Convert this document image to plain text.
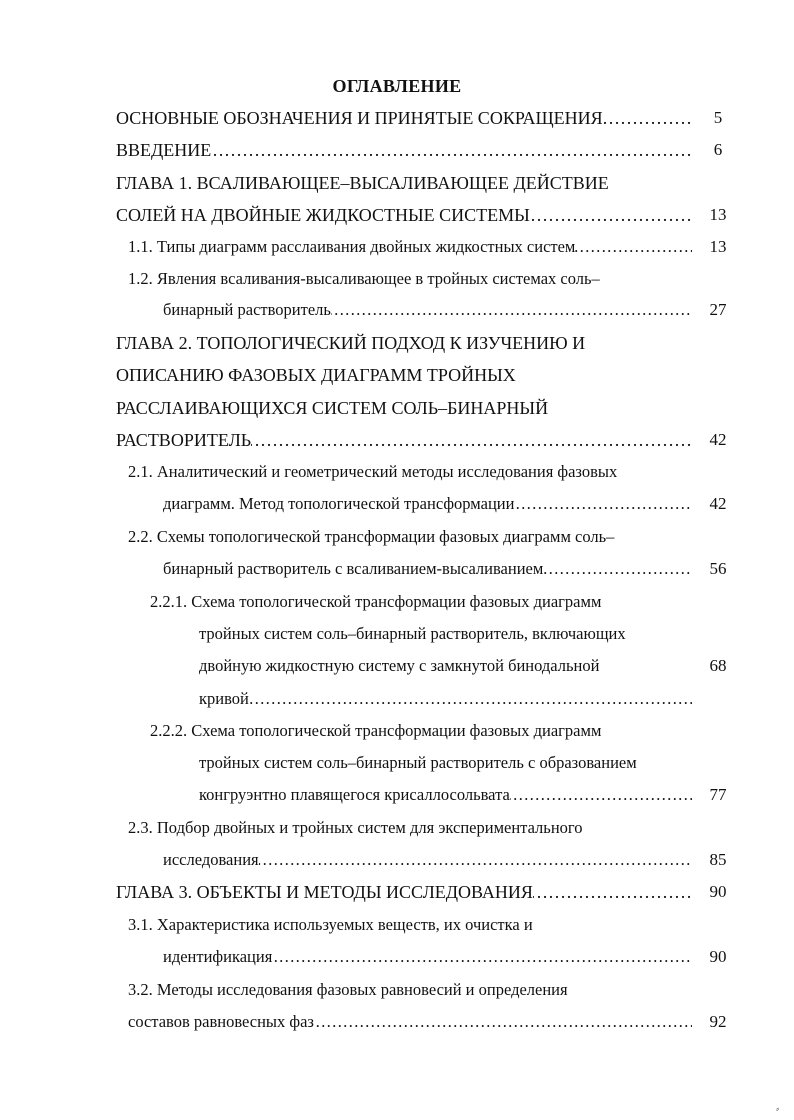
ОГЛАВЛЕНИЕ
ОСНОВНЫЕ ОБОЗНАЧЕНИЯ И ПРИНЯТЫЕ СОКРАЩЕНИЯ ………………………………………………………………………………………………………………………………………………………………	5
ВВЕДЕНИЕ ………………………………………………………………………………………………………………………………………………………………	6
ГЛАВА 1. ВСАЛИВАЮЩЕЕ–ВЫСАЛИВАЮЩЕЕ ДЕЙСТВИЕ
СОЛЕЙ НА ДВОЙНЫЕ ЖИДКОСТНЫЕ СИСТЕМЫ ………………………………………………………………………………………………………………………………………………………………	13
1.1. Типы диаграмм расслаивания двойных жидкостных систем ………………………………………………………………………………………………………………………………………………………………	13
1.2. Явления всаливания-высаливающее в тройных системах соль–
бинарный растворитель ………………………………………………………………………………………………………………………………………………………………	27
ГЛАВА 2. ТОПОЛОГИЧЕСКИЙ ПОДХОД К ИЗУЧЕНИЮ И
ОПИСАНИЮ ФАЗОВЫХ ДИАГРАММ ТРОЙНЫХ
РАССЛАИВАЮЩИХСЯ СИСТЕМ СОЛЬ–БИНАРНЫЙ
РАСТВОРИТЕЛЬ ………………………………………………………………………………………………………………………………………………………………	42
2.1. Аналитический и геометрический методы исследования фазовых
диаграмм. Метод топологической трансформации ………………………………………………………………………………………………………………………………………………………………	42
2.2. Схемы топологической трансформации фазовых диаграмм соль–
бинарный растворитель с всаливанием-высаливанием ………………………………………………………………………………………………………………………………………………………………	56
2.2.1. Схема топологической трансформации фазовых диаграмм
тройных систем соль–бинарный растворитель, включающих
двойную жидкостную систему с замкнутой бинодальной	68
кривой ………………………………………………………………………………………………………………………………………………………………
2.2.2. Схема топологической трансформации фазовых диаграмм
тройных систем соль–бинарный растворитель с образованием
конгруэнтно плавящегося крисаллосольвата ………………………………………………………………………………………………………………………………………………………………	77
2.3. Подбор двойных и тройных систем для экспериментального
исследования ………………………………………………………………………………………………………………………………………………………………	85
ГЛАВА 3. ОБЪЕКТЫ И МЕТОДЫ ИССЛЕДОВАНИЯ ………………………………………………………………………………………………………………………………………………………………	90
3.1. Характеристика используемых веществ, их очистка и
идентификация ………………………………………………………………………………………………………………………………………………………………	90
3.2. Методы исследования фазовых равновесий и определения
составов равновесных фаз ………………………………………………………………………………………………………………………………………………………………	92
⸗
